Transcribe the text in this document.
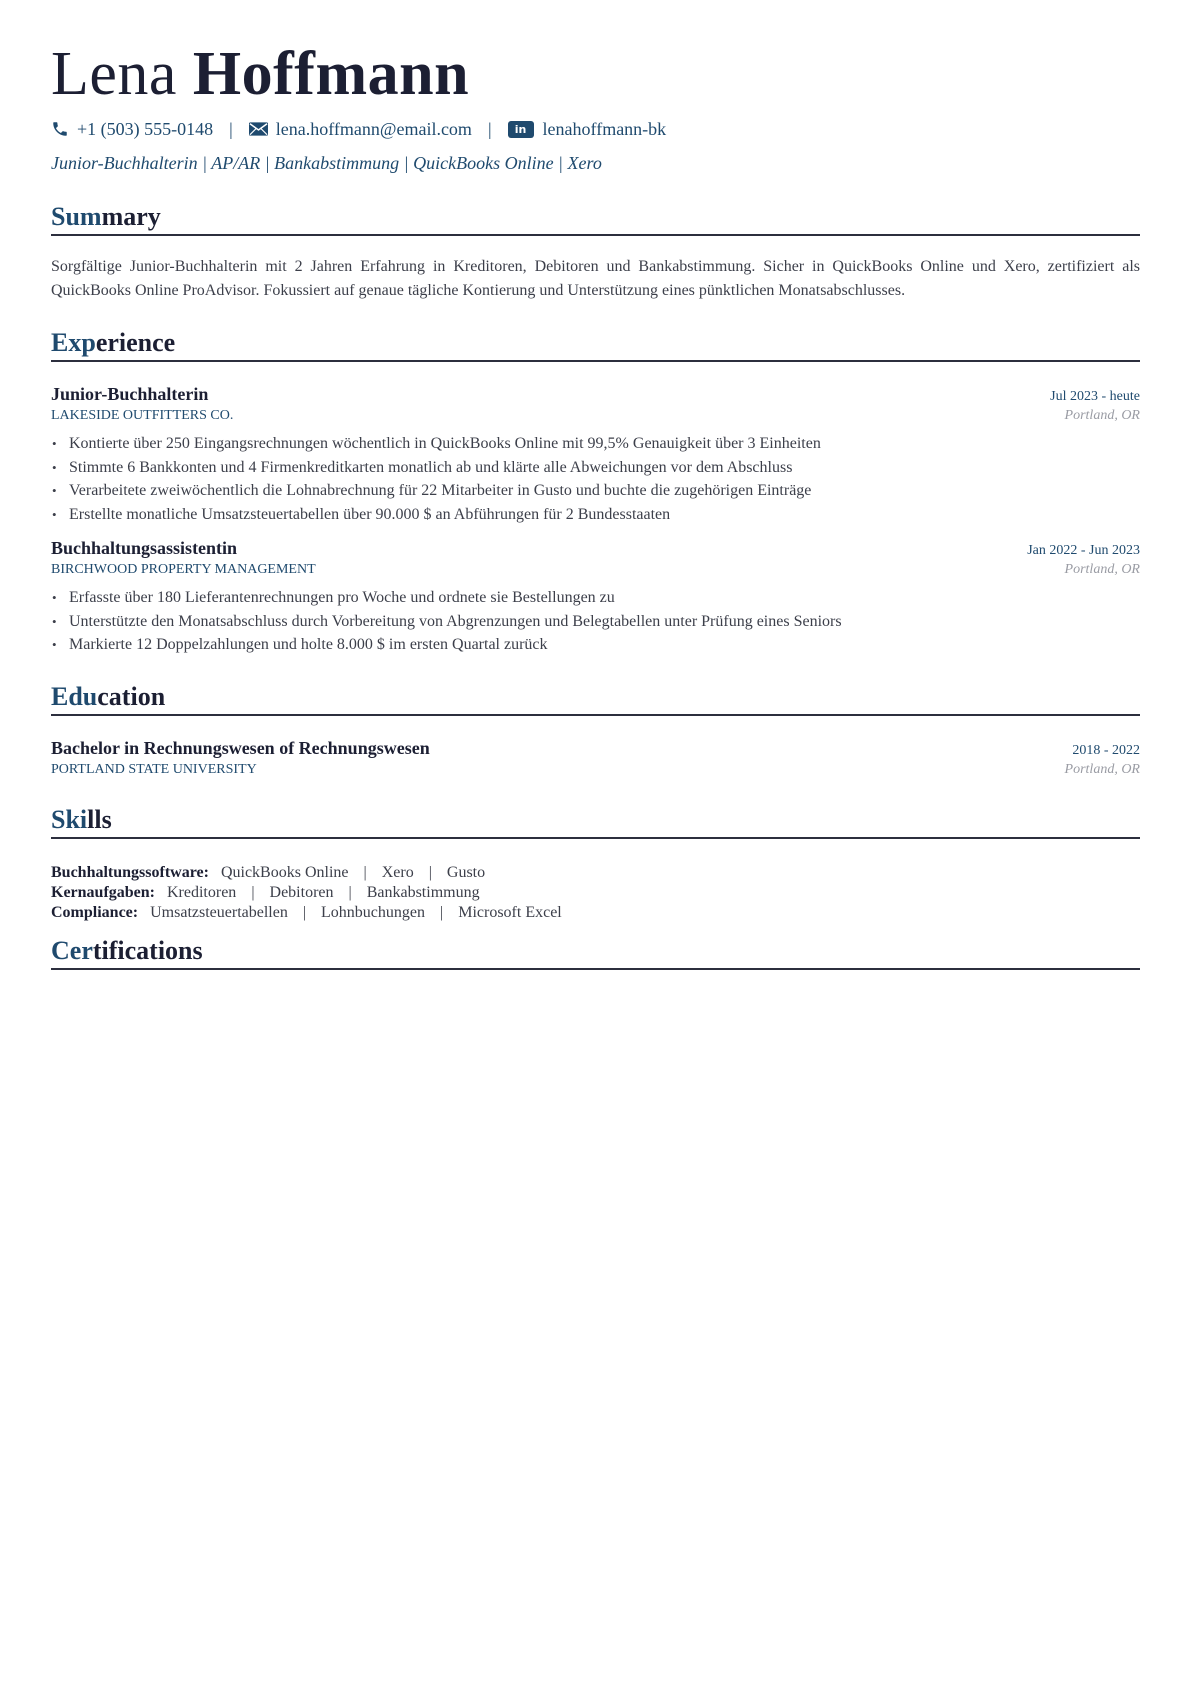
Lena Hoffmann
+1 (503) 555-0148 | lena.hoffmann@email.com |	in lenahoffmann-bk
Junior-Buchhalterin | AP/AR | Bankabstimmung | QuickBooks Online | Xero
Summary

Sorgfältige Junior-Buchhalterin mit 2 Jahren Erfahrung in Kreditoren, Debitoren und Bankabstimmung. Sicher in QuickBooks Online und Xero, zertifiziert als QuickBooks Online ProAdvisor. Fokussiert auf genaue tägliche Kontierung und Unterstützung eines pünktlichen Monatsabschlusses.

Experience
Junior-Buchhalterin	Jul 2023 - heute
LAKESIDE OUTFITTERS CO.	Portland, OR
• Kontierte über 250 Eingangsrechnungen wöchentlich in QuickBooks Online mit 99,5% Genauigkeit über 3 Einheiten
• Stimmte 6 Bankkonten und 4 Firmenkreditkarten monatlich ab und klärte alle Abweichungen vor dem Abschluss
• Verarbeitete zweiwöchentlich die Lohnabrechnung für 22 Mitarbeiter in Gusto und buchte die zugehörigen Einträge
• Erstellte monatliche Umsatzsteuertabellen über 90.000 $ an Abführungen für 2 Bundesstaaten
Buchhaltungsassistentin	Jan 2022 - Jun 2023
BIRCHWOOD PROPERTY MANAGEMENT	Portland, OR
• Erfasste über 180 Lieferantenrechnungen pro Woche und ordnete sie Bestellungen zu
• Unterstützte den Monatsabschluss durch Vorbereitung von Abgrenzungen und Belegtabellen unter Prüfung eines Seniors
• Markierte 12 Doppelzahlungen und holte 8.000 $ im ersten Quartal zurück
Education
Bachelor in Rechnungswesen of Rechnungswesen	2018 - 2022
PORTLAND STATE UNIVERSITY	Portland, OR
Skills
Buchhaltungssoftware: QuickBooks Online | Xero | Gusto
Kernaufgaben: Kreditoren | Debitoren | Bankabstimmung
Compliance: Umsatzsteuertabellen | Lohnbuchungen | Microsoft Excel
Certifications
